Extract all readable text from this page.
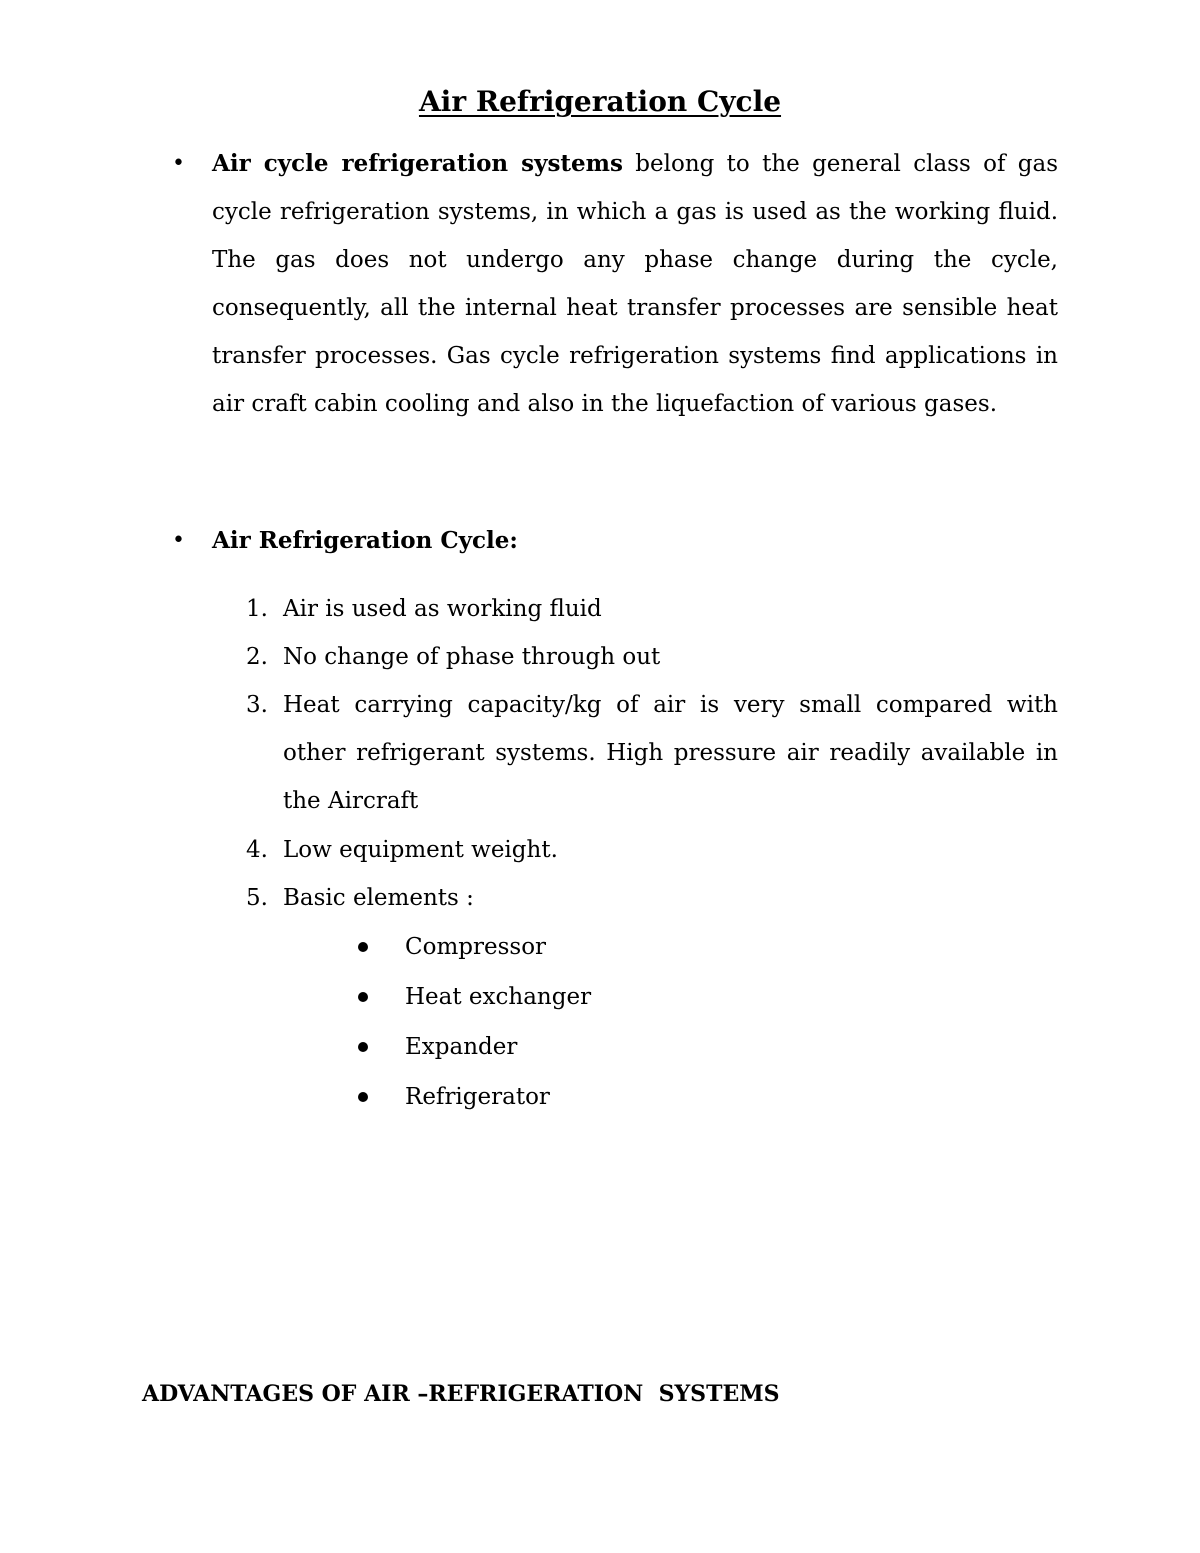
Air Refrigeration Cycle
• Air cycle refrigeration systems belong to the general class of gas cycle refrigeration systems, in which a gas is used as the working fluid. The gas does not undergo any phase change during the cycle, consequently, all the internal heat transfer processes are sensible heat transfer processes. Gas cycle refrigeration systems find applications in air craft cabin cooling and also in the liquefaction of various gases.

• Air Refrigeration Cycle:
1. Air is used as working fluid

2. No change of phase through out

3. Heat carrying capacity/kg of air is very small compared with other refrigerant systems. High pressure air readily available in the Aircraft

4. Low equipment weight.

5. Basic elements :

Compressor
Heat exchanger
Expander
Refrigerator
ADVANTAGES OF AIR –REFRIGERATION  SYSTEMS
